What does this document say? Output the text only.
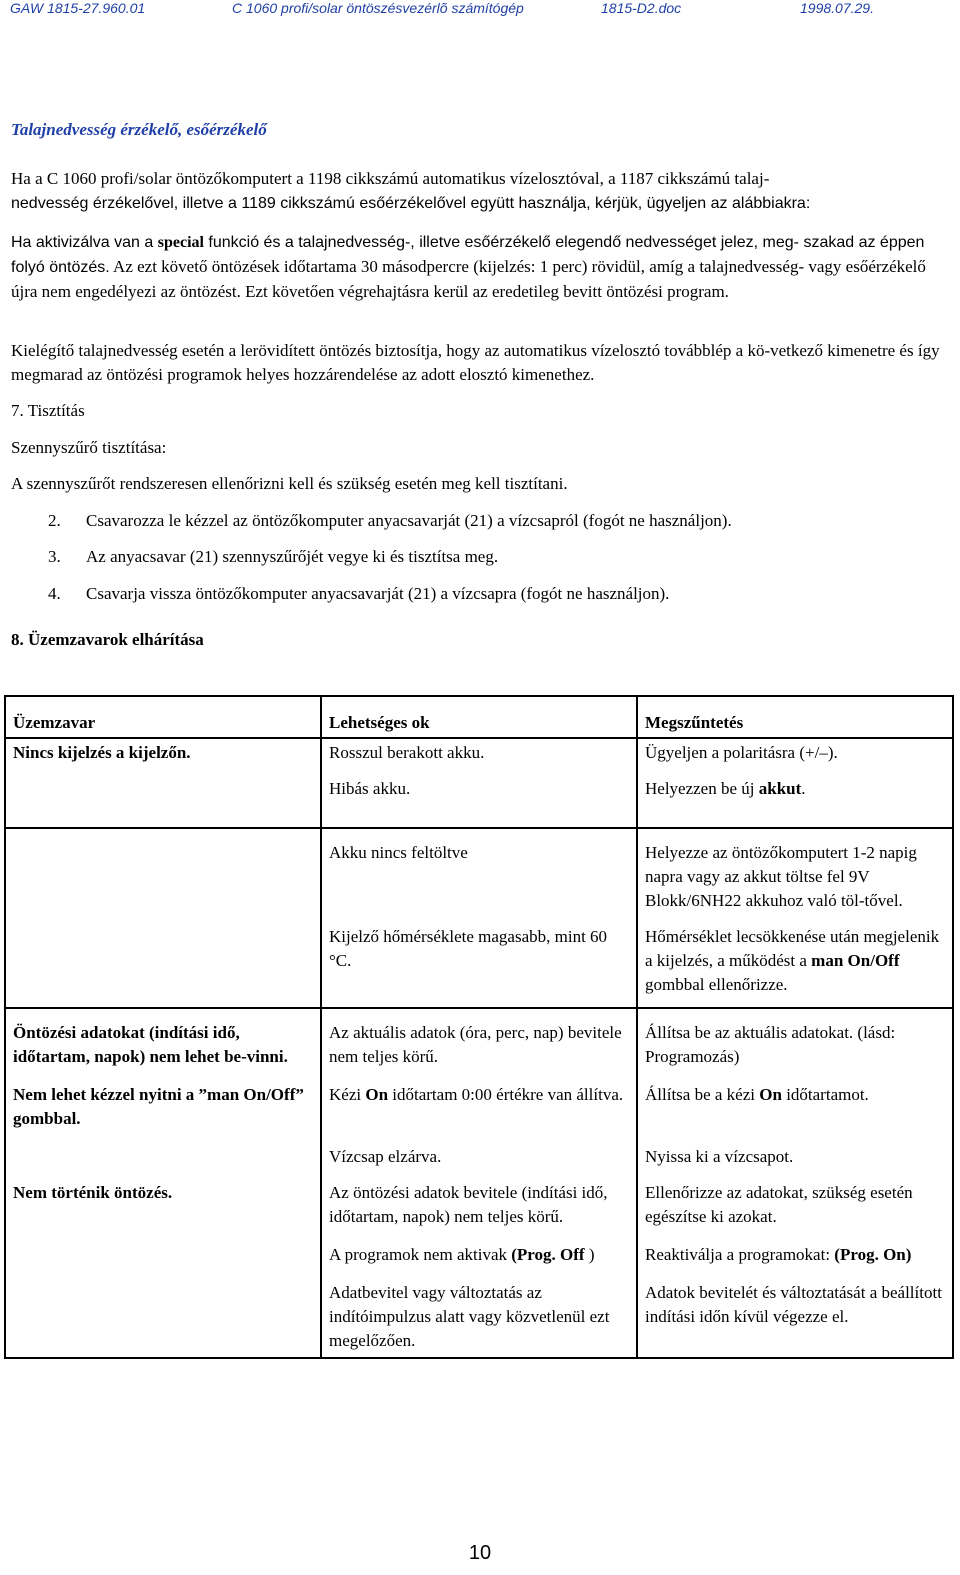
GAW 1815-27.960.01	C 1060 profi/solar öntöszésvezérlõ számítógép	1815-D2.doc	1998.07.29.
Talajnedvesség érzékelő, esőérzékelő

Ha a C 1060 profi/solar öntözőkomputert a 1198 cikkszámú automatikus vízelosztóval, a 1187 cikkszámú talaj-
nedvesség érzékelővel, illetve a 1189 cikkszámú esőérzékelővel együtt használja, kérjük, ügyeljen az alábbiakra:

Ha aktivizálva van a special funkció és a talajnedvesség-, illetve esőérzékelő elegendő nedvességet jelez, meg- szakad az éppen folyó öntözés. Az ezt követő öntözések időtartama 30 másodpercre (kijelzés: 1 perc) rövidül, amíg a talajnedvesség- vagy esőérzékelő újra nem engedélyezi az öntözést. Ezt követően végrehajtásra kerül az eredetileg bevitt öntözési program.

Kielégítő talajnedvesség esetén a lerövidített öntözés biztosítja, hogy az automatikus vízelosztó továbblép a kö-vetkező kimenetre és így megmarad az öntözési programok helyes hozzárendelése az adott elosztó kimenethez.

7. Tisztítás
Szennyszűrő tisztítása:
A szennyszűrőt rendszeresen ellenőrizni kell és szükség esetén meg kell tisztítani.
2. Csavarozza le kézzel az öntözőkomputer anyacsavarját (21) a vízcsapról (fogót ne használjon).
3. Az anyacsavar (21) szennyszűrőjét vegye ki és tisztítsa meg.
4. Csavarja vissza öntözőkomputer anyacsavarját (21) a vízcsapra (fogót ne használjon).
8. Üzemzavarok elhárítása
Üzemzavar	Lehetséges ok	Megszűntetés
Nincs kijelzés a kijelzőn.	Rosszul berakott akku.	Ügyeljen a polaritásra (+/–).
	Hibás akku.	Helyezzen be új akkut.
	Akku nincs feltöltve	Helyezze az öntözőkomputert 1-2 napig napra vagy az akkut töltse fel 9V Blokk/6NH22 akkuhoz való töl-tővel.
	Kijelző hőmérséklete magasabb, mint 60 °C.	Hőmérséklet lecsökkenése után megjelenik a kijelzés, a működést a man On/Off gombbal ellenőrizze.
Öntözési adatokat (indítási idő, időtartam, napok) nem lehet be-vinni.	Az aktuális adatok (óra, perc, nap) bevitele nem teljes körű.	Állítsa be az aktuális adatokat. (lásd: Programozás)
Nem lehet kézzel nyitni a ”man On/Off” gombbal.	Kézi On időtartam 0:00 értékre van állítva.	Állítsa be a kézi On időtartamot.
	Vízcsap elzárva.	Nyissa ki a vízcsapot.
Nem történik öntözés.	Az öntözési adatok bevitele (indítási idő, időtartam, napok) nem teljes körű.	Ellenőrizze az adatokat, szükség esetén egészítse ki azokat.
	A programok nem aktivak (Prog. Off )	Reaktiválja a programokat: (Prog. On)
	Adatbevitel vagy változtatás az indítóimpulzus alatt vagy közvetlenül ezt megelőzően.	Adatok bevitelét és változtatását a beállított indítási időn kívül végezze el.
10
